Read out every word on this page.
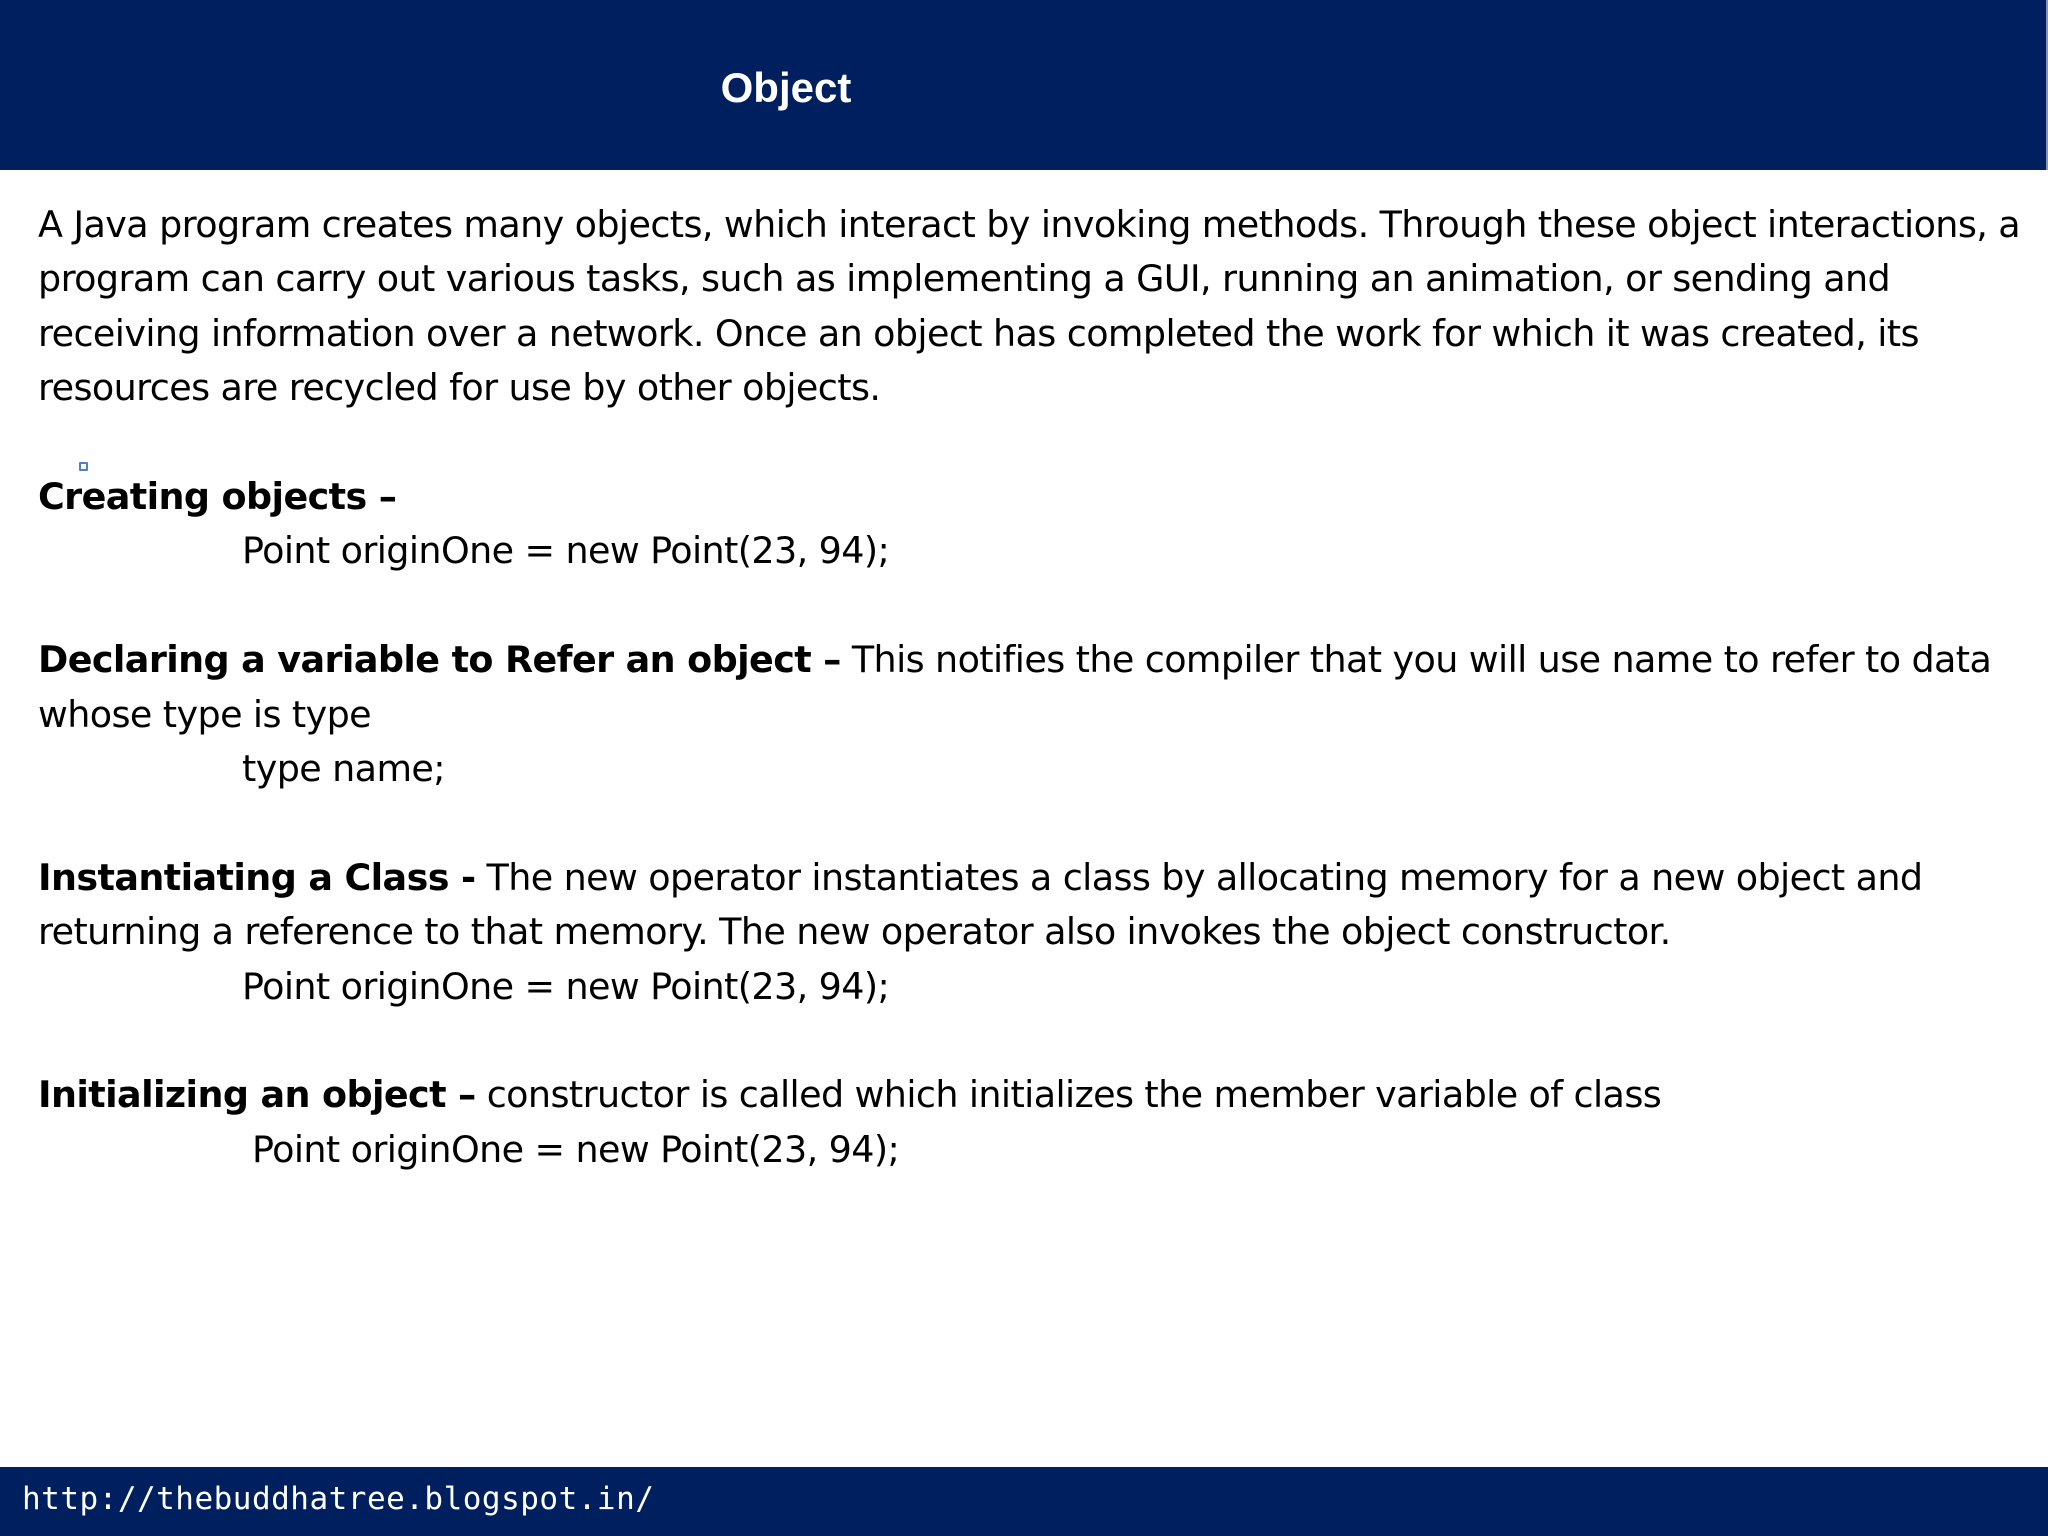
Object

A Java program creates many objects, which interact by invoking methods. Through these object interactions, a program can carry out various tasks, such as implementing a GUI, running an animation, or sending and receiving information over a network. Once an object has completed the work for which it was created, its resources are recycled for use by other objects.

Creating objects –

Point originOne = new Point(23, 94);

Declaring a variable to Refer an object – This notifies the compiler that you will use name to refer to data whose type is type

type name;

Instantiating a Class - The new operator instantiates a class by allocating memory for a new object and returning a reference to that memory. The new operator also invokes the object constructor.

Point originOne = new Point(23, 94);

Initializing an object – constructor is called which initializes the member variable of class

Point originOne = new Point(23, 94);

http://thebuddhatree.blogspot.in/
